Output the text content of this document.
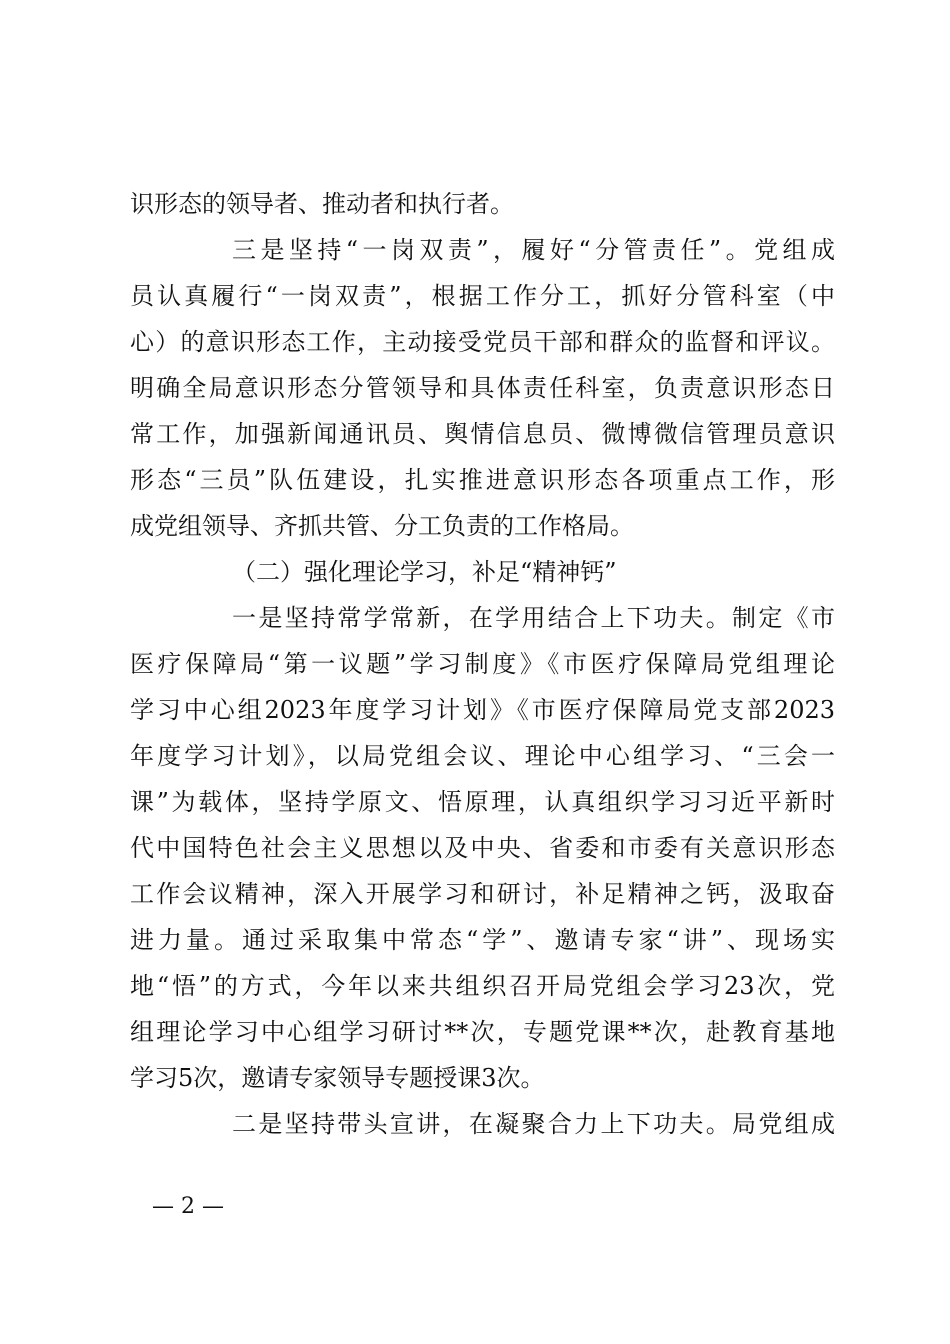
识形态的领导者、推动者和执行者。
三是坚持“一岗双责”，履好“分管责任”。党组成
员认真履行“一岗双责”，根据工作分工，抓好分管科室（中
心）的意识形态工作，主动接受党员干部和群众的监督和评议。
明确全局意识形态分管领导和具体责任科室，负责意识形态日
常工作，加强新闻通讯员、舆情信息员、微博微信管理员意识
形态“三员”队伍建设，扎实推进意识形态各项重点工作，形
成党组领导、齐抓共管、分工负责的工作格局。
（二）强化理论学习，补足“精神钙”
一是坚持常学常新，在学用结合上下功夫。制定《市
医疗保障局“第一议题”学习制度》《市医疗保障局党组理论
学习中心组2023年度学习计划》《市医疗保障局党支部2023
年度学习计划》，以局党组会议、理论中心组学习、“三会一
课”为载体，坚持学原文、悟原理，认真组织学习习近平新时
代中国特色社会主义思想以及中央、省委和市委有关意识形态
工作会议精神，深入开展学习和研讨，补足精神之钙，汲取奋
进力量。通过采取集中常态“学”、邀请专家“讲”、现场实
地“悟”的方式，今年以来共组织召开局党组会学习23次，党
组理论学习中心组学习研讨**次，专题党课**次，赴教育基地
学习5次，邀请专家领导专题授课3次。
二是坚持带头宣讲，在凝聚合力上下功夫。局党组成
— 2 —
